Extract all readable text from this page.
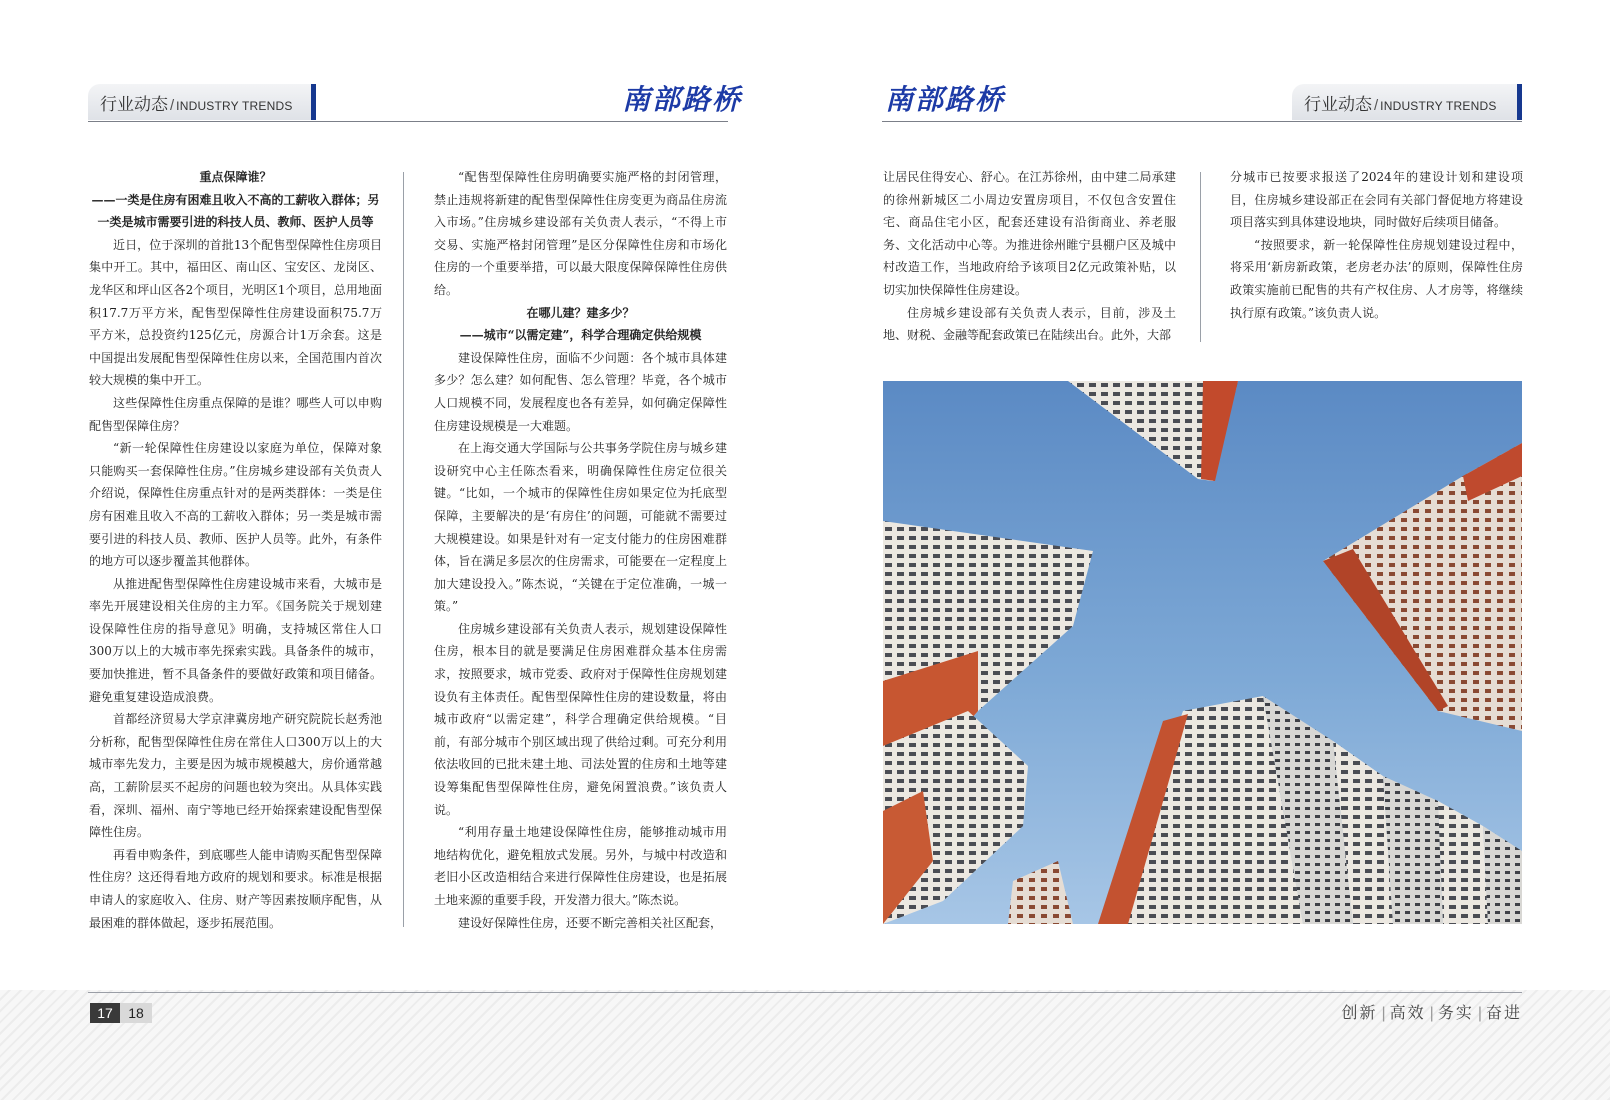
行业动态 / INDUSTRY TRENDS	南部路桥	南部路桥	行业动态 / INDUSTRY TRENDS
重点保障谁？
——一类是住房有困难且收入不高的工薪收入群体；另一类是城市需要引进的科技人员、教师、医护人员等

近日，位于深圳的首批13个配售型保障性住房项目集中开工。其中，福田区、南山区、宝安区、龙岗区、龙华区和坪山区各2个项目，光明区1个项目，总用地面积17.7万平方米，配售型保障性住房建设面积75.7万平方米，总投资约125亿元，房源合计1万余套。这是中国提出发展配售型保障性住房以来，全国范围内首次较大规模的集中开工。

这些保障性住房重点保障的是谁？哪些人可以申购配售型保障住房？

“新一轮保障性住房建设以家庭为单位，保障对象只能购买一套保障性住房。”住房城乡建设部有关负责人介绍说，保障性住房重点针对的是两类群体：一类是住房有困难且收入不高的工薪收入群体；另一类是城市需要引进的科技人员、教师、医护人员等。此外，有条件的地方可以逐步覆盖其他群体。

从推进配售型保障性住房建设城市来看，大城市是率先开展建设相关住房的主力军。《国务院关于规划建设保障性住房的指导意见》明确，支持城区常住人口300万以上的大城市率先探索实践。具备条件的城市，要加快推进，暂不具备条件的要做好政策和项目储备。避免重复建设造成浪费。

首都经济贸易大学京津冀房地产研究院院长赵秀池分析称，配售型保障性住房在常住人口300万以上的大城市率先发力，主要是因为城市规模越大，房价通常越高，工薪阶层买不起房的问题也较为突出。从具体实践看，深圳、福州、南宁等地已经开始探索建设配售型保障性住房。

再看申购条件，到底哪些人能申请购买配售型保障性住房？这还得看地方政府的规划和要求。标准是根据申请人的家庭收入、住房、财产等因素按顺序配售，从最困难的群体做起，逐步拓展范围。

“配售型保障性住房明确要实施严格的封闭管理，禁止违规将新建的配售型保障性住房变更为商品住房流入市场。”住房城乡建设部有关负责人表示，“不得上市交易、实施严格封闭管理”是区分保障性住房和市场化住房的一个重要举措，可以最大限度保障保障性住房供给。

在哪儿建？建多少？
——城市“以需定建”，科学合理确定供给规模

建设保障性住房，面临不少问题：各个城市具体建多少？怎么建？如何配售、怎么管理？毕竟，各个城市人口规模不同，发展程度也各有差异，如何确定保障性住房建设规模是一大难题。

在上海交通大学国际与公共事务学院住房与城乡建设研究中心主任陈杰看来，明确保障性住房定位很关键。“比如，一个城市的保障性住房如果定位为托底型保障，主要解决的是‘有房住’的问题，可能就不需要过大规模建设。如果是针对有一定支付能力的住房困难群体，旨在满足多层次的住房需求，可能要在一定程度上加大建设投入。”陈杰说，“关键在于定位准确，一城一策。”

住房城乡建设部有关负责人表示，规划建设保障性住房，根本目的就是要满足住房困难群众基本住房需求，按照要求，城市党委、政府对于保障性住房规划建设负有主体责任。配售型保障性住房的建设数量，将由城市政府“以需定建”，科学合理确定供给规模。“目前，有部分城市个别区域出现了供给过剩。可充分利用依法收回的已批未建土地、司法处置的住房和土地等建设筹集配售型保障性住房，避免闲置浪费。”该负责人说。

“利用存量土地建设保障性住房，能够推动城市用地结构优化，避免粗放式发展。另外，与城中村改造和老旧小区改造相结合来进行保障性住房建设，也是拓展土地来源的重要手段，开发潜力很大。”陈杰说。

建设好保障性住房，还要不断完善相关社区配套，

让居民住得安心、舒心。在江苏徐州，由中建二局承建的徐州新城区二小周边安置房项目，不仅包含安置住宅、商品住宅小区，配套还建设有沿街商业、养老服务、文化活动中心等。为推进徐州睢宁县棚户区及城中村改造工作，当地政府给予该项目2亿元政策补贴，以切实加快保障性住房建设。

住房城乡建设部有关负责人表示，目前，涉及土地、财税、金融等配套政策已在陆续出台。此外，大部

分城市已按要求报送了2024年的建设计划和建设项目，住房城乡建设部正在会同有关部门督促地方将建设项目落实到具体建设地块，同时做好后续项目储备。

“按照要求，新一轮保障性住房规划建设过程中，将采用‘新房新政策，老房老办法’的原则，保障性住房政策实施前已配售的共有产权住房、人才房等，将继续执行原有政策。”该负责人说。

17	18	创新 | 高效 | 务实 | 奋进
